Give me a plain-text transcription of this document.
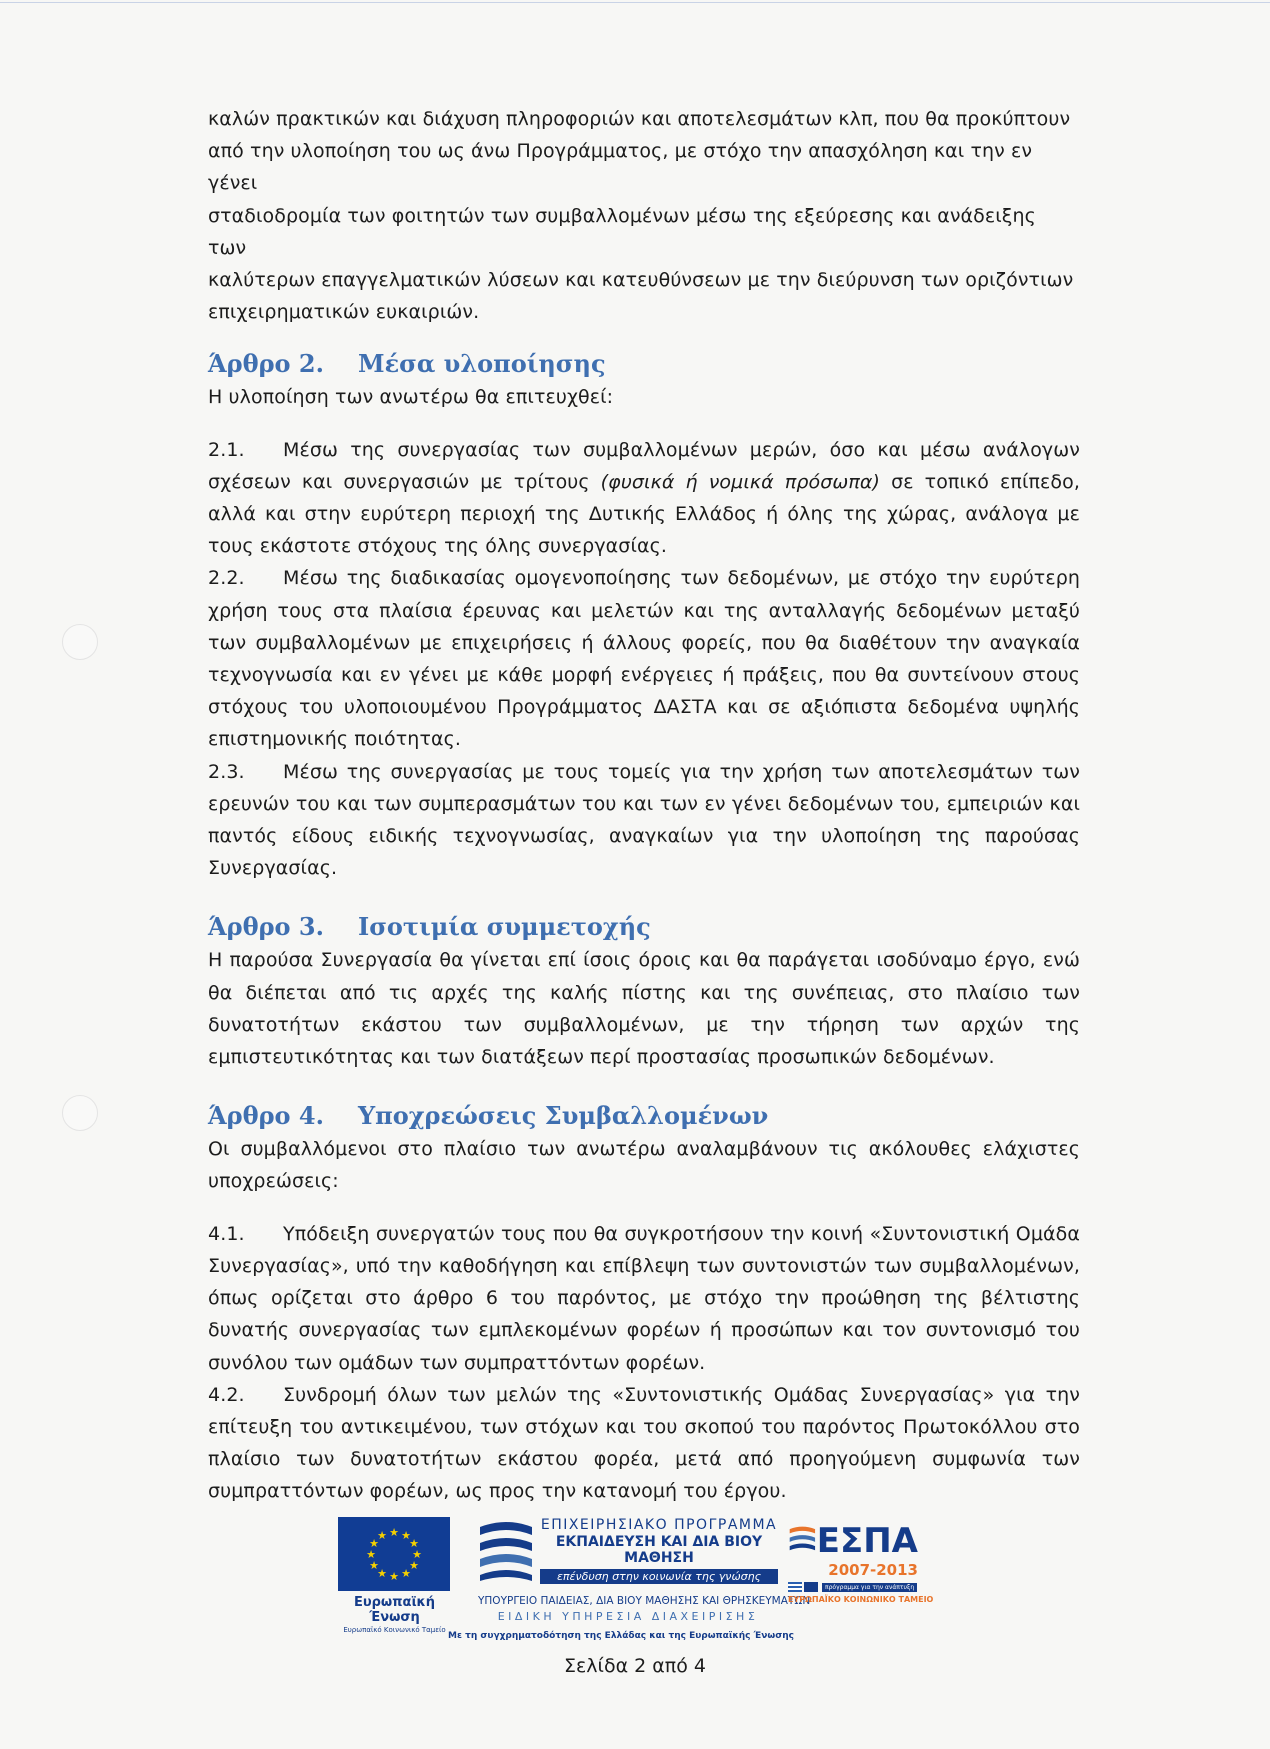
καλών πρακτικών και διάχυση πληροφοριών και αποτελεσμάτων κλπ, που θα προκύπτουν

από την υλοποίηση του ως άνω Προγράμματος, με στόχο την απασχόληση και την εν γένει

σταδιοδρομία των φοιτητών των συμβαλλομένων μέσω της εξεύρεσης και ανάδειξης των

καλύτερων επαγγελματικών λύσεων και κατευθύνσεων με την διεύρυνση των οριζόντιων

επιχειρηματικών ευκαιριών.

Άρθρο 2. Μέσα υλοποίησης

Η υλοποίηση των ανωτέρω θα επιτευχθεί:

2.1. Μέσω της συνεργασίας των συμβαλλομένων μερών, όσο και μέσω ανάλογων σχέσεων και συνεργασιών με τρίτους (φυσικά ή νομικά πρόσωπα) σε τοπικό επίπεδο, αλλά και στην ευρύτερη περιοχή της Δυτικής Ελλάδος ή όλης της χώρας, ανάλογα με τους εκάστοτε στόχους της όλης συνεργασίας.

2.2. Μέσω της διαδικασίας ομογενοποίησης των δεδομένων, με στόχο την ευρύτερη χρήση τους στα πλαίσια έρευνας και μελετών και της ανταλλαγής δεδομένων μεταξύ των συμβαλλομένων με επιχειρήσεις ή άλλους φορείς, που θα διαθέτουν την αναγκαία τεχνογνωσία και εν γένει με κάθε μορφή ενέργειες ή πράξεις, που θα συντείνουν στους στόχους του υλοποιουμένου Προγράμματος ΔΑΣΤΑ και σε αξιόπιστα δεδομένα υψηλής επιστημονικής ποιότητας.

2.3. Μέσω της συνεργασίας με τους τομείς για την χρήση των αποτελεσμάτων των ερευνών του και των συμπερασμάτων του και των εν γένει δεδομένων του, εμπειριών και παντός είδους ειδικής τεχνογνωσίας, αναγκαίων για την υλοποίηση της παρούσας Συνεργασίας.

Άρθρο 3. Ισοτιμία συμμετοχής

Η παρούσα Συνεργασία θα γίνεται επί ίσοις όροις και θα παράγεται ισοδύναμο έργο, ενώ θα διέπεται από τις αρχές της καλής πίστης και της συνέπειας, στο πλαίσιο των δυνατοτήτων εκάστου των συμβαλλομένων, με την τήρηση των αρχών της εμπιστευτικότητας και των διατάξεων περί προστασίας προσωπικών δεδομένων.

Άρθρο 4. Υποχρεώσεις Συμβαλλομένων

Οι συμβαλλόμενοι στο πλαίσιο των ανωτέρω αναλαμβάνουν τις ακόλουθες ελάχιστες υποχρεώσεις:

4.1. Υπόδειξη συνεργατών τους που θα συγκροτήσουν την κοινή «Συντονιστική Ομάδα Συνεργασίας», υπό την καθοδήγηση και επίβλεψη των συντονιστών των συμβαλλομένων, όπως ορίζεται στο άρθρο 6 του παρόντος, με στόχο την προώθηση της βέλτιστης δυνατής συνεργασίας των εμπλεκομένων φορέων ή προσώπων και τον συντονισμό του συνόλου των ομάδων των συμπραττόντων φορέων.

4.2. Συνδρομή όλων των μελών της «Συντονιστικής Ομάδας Συνεργασίας» για την επίτευξη του αντικειμένου, των στόχων και του σκοπού του παρόντος Πρωτοκόλλου στο πλαίσιο των δυνατοτήτων εκάστου φορέα, μετά από προηγούμενη συμφωνία των συμπραττόντων φορέων, ως προς την κατανομή του έργου.

★ ★
★
★
★
★
★
★
★
★
★
★
Ευρωπαϊκή Ένωση
Ευρωπαϊκό Κοινωνικό Ταμείο
ΕΠΙΧΕΙΡΗΣΙΑΚΟ ΠΡΟΓΡΑΜΜΑ
ΕΚΠΑΙΔΕΥΣΗ ΚΑΙ ΔΙΑ ΒΙΟΥ ΜΑΘΗΣΗ
επένδυση στην κοινωνία της γνώσης
ΥΠΟΥΡΓΕΙΟ ΠΑΙΔΕΙΑΣ, ΔΙΑ ΒΙΟΥ ΜΑΘΗΣΗΣ ΚΑΙ ΘΡΗΣΚΕΥΜΑΤΩΝ
ΕΙΔΙΚΗ ΥΠΗΡΕΣΙΑ ΔΙΑΧΕΙΡΙΣΗΣ
Με τη συγχρηματοδότηση της Ελλάδας και της Ευρωπαϊκής Ένωσης
ΕΣΠΑ
2007-2013
πρόγραμμα για την ανάπτυξη
ΕΥΡΩΠΑΪΚΟ ΚΟΙΝΩΝΙΚΟ ΤΑΜΕΙΟ
Σελίδα 2 από 4
